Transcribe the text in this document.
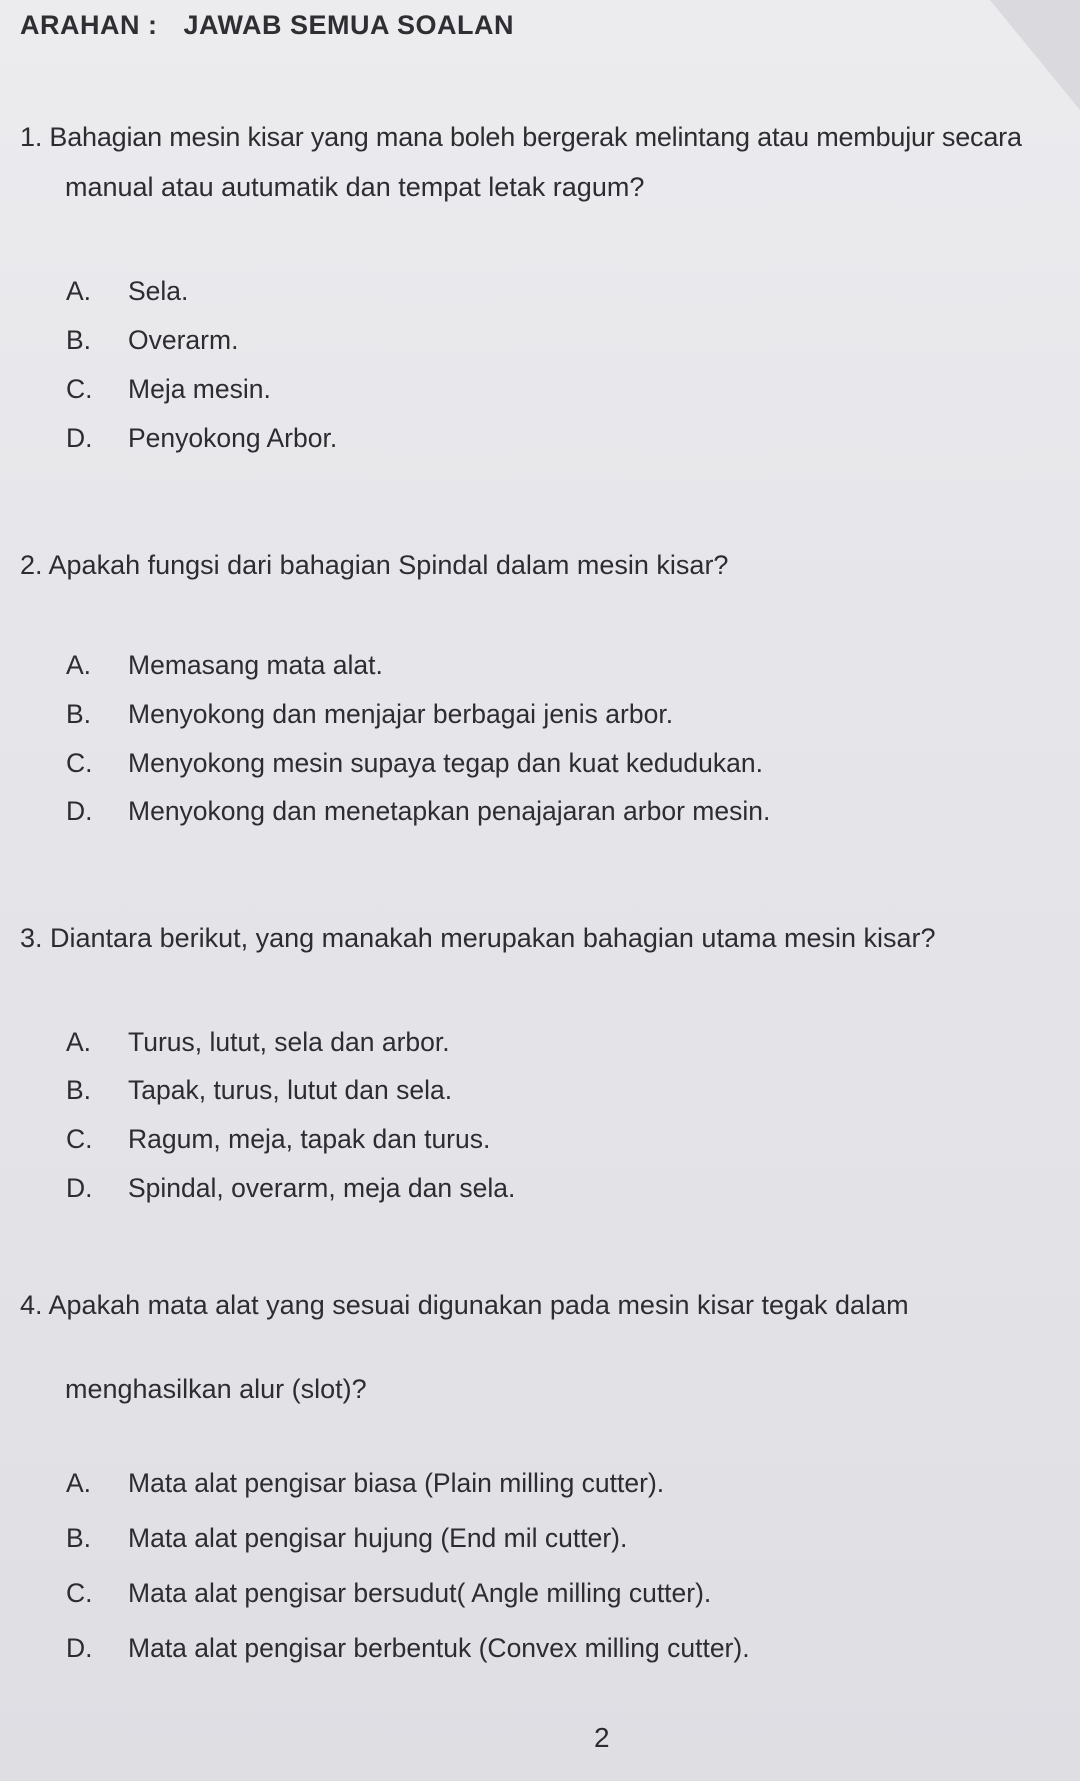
ARAHAN : JAWAB SEMUA SOALAN
1. Bahagian mesin kisar yang mana boleh bergerak melintang atau membujur secara
manual atau autumatik dan tempat letak ragum?
A. Sela.
B. Overarm.
C. Meja mesin.
D. Penyokong Arbor.
2. Apakah fungsi dari bahagian Spindal dalam mesin kisar?
A. Memasang mata alat.
B. Menyokong dan menjajar berbagai jenis arbor.
C. Menyokong mesin supaya tegap dan kuat kedudukan.
D. Menyokong dan menetapkan penajajaran arbor mesin.
3. Diantara berikut, yang manakah merupakan bahagian utama mesin kisar?
A. Turus, lutut, sela dan arbor.
B. Tapak, turus, lutut dan sela.
C. Ragum, meja, tapak dan turus.
D. Spindal, overarm, meja dan sela.
4. Apakah mata alat yang sesuai digunakan pada mesin kisar tegak dalam
menghasilkan alur (slot)?
A. Mata alat pengisar biasa (Plain milling cutter).
B. Mata alat pengisar hujung (End mil cutter).
C. Mata alat pengisar bersudut( Angle milling cutter).
D. Mata alat pengisar berbentuk (Convex milling cutter).
2
